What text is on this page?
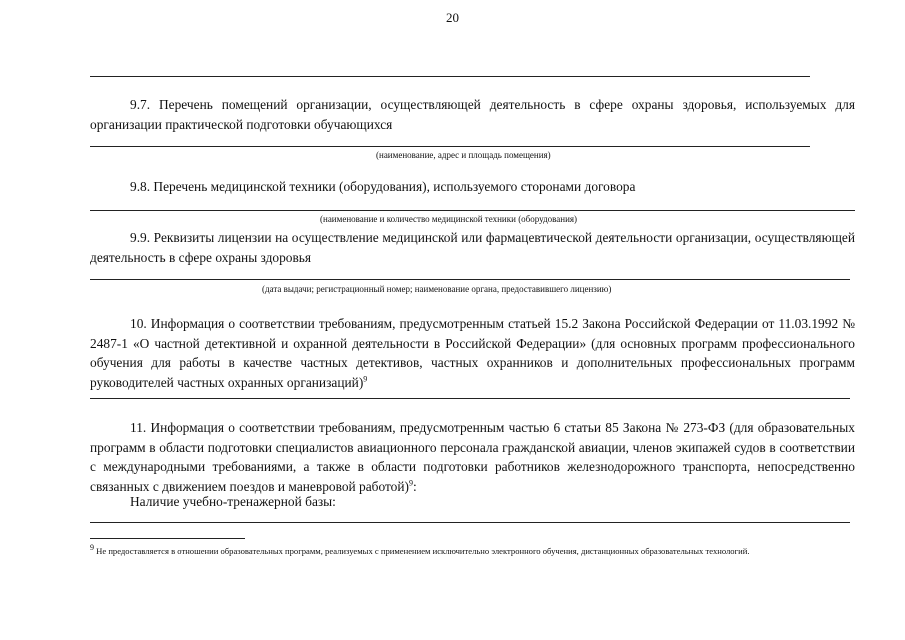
20

9.7. Перечень помещений организации, осуществляющей деятельность в сфере охраны здоровья, используемых для организации практической подготовки обучающихся

(наименование, адрес и площадь помещения)

9.8. Перечень медицинской техники (оборудования), используемого сторонами договора

(наименование и количество медицинской техники (оборудования)

9.9. Реквизиты лицензии на осуществление медицинской или фармацевтической деятельности организации, осуществляющей деятельность в сфере охраны здоровья

(дата выдачи; регистрационный номер; наименование органа, предоставившего лицензию)

10. Информация о соответствии требованиям, предусмотренным статьей 15.2 Закона Российской Федерации от 11.03.1992 № 2487-1 «О частной детективной и охранной деятельности в Российской Федерации» (для основных программ профессионального обучения для работы в качестве частных детективов, частных охранников и дополнительных профессиональных программ руководителей частных охранных организаций)$^9$

11. Информация о соответствии требованиям, предусмотренным частью 6 статьи 85 Закона № 273-ФЗ (для образовательных программ в области подготовки специалистов авиационного персонала гражданской авиации, членов экипажей судов в соответствии с международными требованиями, а также в области подготовки работников железнодорожного транспорта, непосредственно связанных с движением поездов и маневровой работой)$^9$:

Наличие учебно-тренажерной базы:

9 Не предоставляется в отношении образовательных программ, реализуемых с применением исключительно электронного обучения, дистанционных образовательных технологий.
